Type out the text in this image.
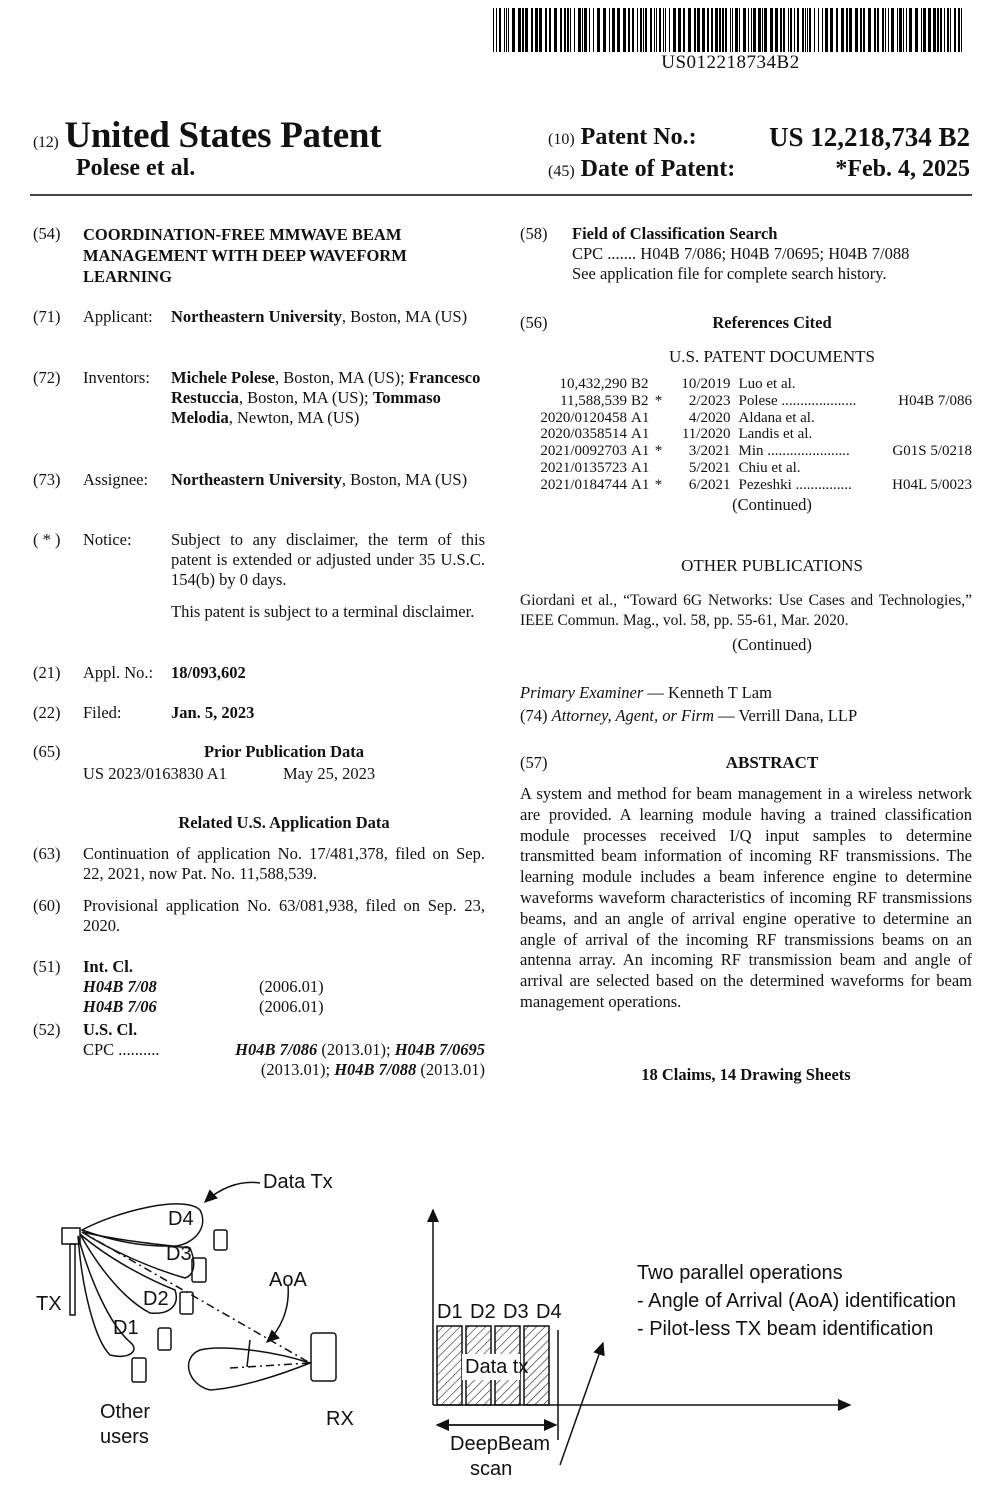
US012218734B2
(12) United States Patent
Polese et al.
(10) Patent No.:	US 12,218,734 B2
(45) Date of Patent:	*Feb. 4, 2025
(54) COORDINATION-FREE MMWAVE BEAM MANAGEMENT WITH DEEP WAVEFORM LEARNING
(71) Applicant: Northeastern University, Boston, MA (US)
(72) Inventors: Michele Polese, Boston, MA (US); Francesco Restuccia, Boston, MA (US); Tommaso Melodia, Newton, MA (US)
(73) Assignee: Northeastern University, Boston, MA (US)
( * ) Notice: Subject to any disclaimer, the term of this patent is extended or adjusted under 35 U.S.C. 154(b) by 0 days.
This patent is subject to a terminal disclaimer.
(21) Appl. No.: 18/093,602
(22) Filed:	Jan. 5, 2023
(65)	Prior Publication Data
US 2023/0163830 A1	May 25, 2023
Related U.S. Application Data
(63) Continuation of application No. 17/481,378, filed on Sep. 22, 2021, now Pat. No. 11,588,539.
(60) Provisional application No. 63/081,938, filed on Sep. 23, 2020.
(51) Int. Cl.
H04B 7/08	(2006.01)
H04B 7/06	(2006.01)
(52) U.S. Cl.
CPC ..........	H04B 7/086 (2013.01); H04B 7/0695
(2013.01); H04B 7/088 (2013.01)
(58) Field of Classification Search
CPC ....... H04B 7/086; H04B 7/0695; H04B 7/088
See application file for complete search history.
(56)	References Cited
U.S. PATENT DOCUMENTS
10,432,290	B2		10/2019	Luo et al.	
11,588,539	B2	*	2/2023	Polese ....................	H04B 7/086
2020/0120458	A1		4/2020	Aldana et al.	
2020/0358514	A1		11/2020	Landis et al.	
2021/0092703	A1	*	3/2021	Min ......................	G01S 5/0218
2021/0135723	A1		5/2021	Chiu et al.	
2021/0184744	A1	*	6/2021	Pezeshki ...............	H04L 5/0023
(Continued)
OTHER PUBLICATIONS
Giordani et al., “Toward 6G Networks: Use Cases and Technologies,” IEEE Commun. Mag., vol. 58, pp. 55-61, Mar. 2020.
(Continued)
Primary Examiner — Kenneth T Lam
(74) Attorney, Agent, or Firm — Verrill Dana, LLP
(57)	ABSTRACT
A system and method for beam management in a wireless network are provided. A learning module having a trained classification module processes received I/Q input samples to determine transmitted beam information of incoming RF transmissions. The learning module includes a beam inference engine to determine waveforms waveform characteristics of incoming RF transmissions beams, and an angle of arrival engine operative to determine an angle of arrival of the incoming RF transmissions beams on an antenna array. An incoming RF transmission beam and angle of arrival are selected based on the determined waveforms for beam management operations.
18 Claims, 14 Drawing Sheets
Data Tx
D4
D3
D2
D1
TX
AoA
RX
Other
users
D1 D2 D3 D4
Data tx
DeepBeam
scan
Two parallel operations
- Angle of Arrival (AoA) identification
- Pilot-less TX beam identification
